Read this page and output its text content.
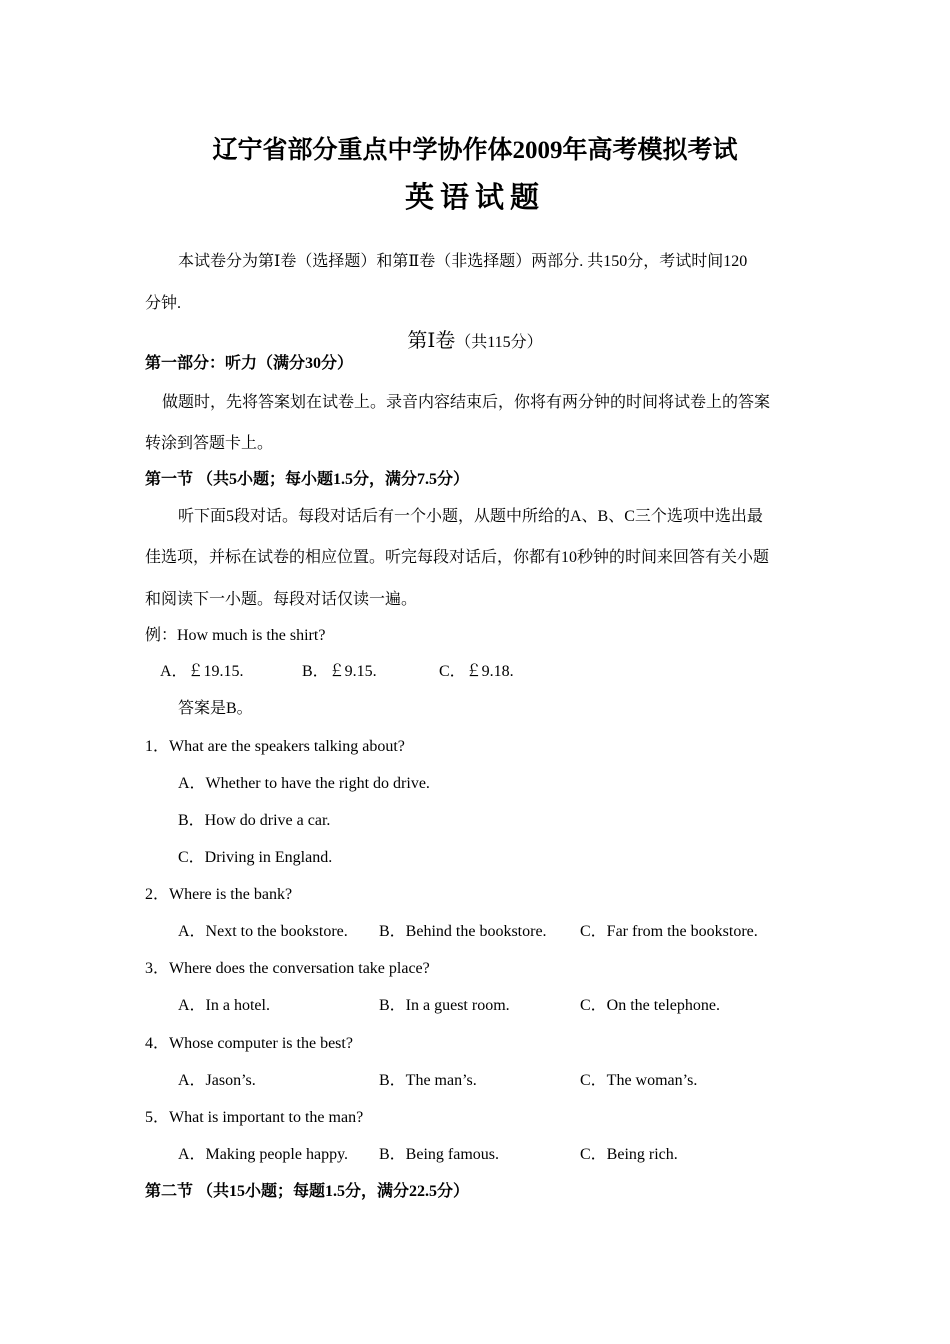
辽宁省部分重点中学协作体2009年高考模拟考试
英语试题
本试卷分为第Ⅰ卷（选择题）和第Ⅱ卷（非选择题）两部分. 共150分，考试时间120
分钟.
第Ⅰ卷（共115分）
第一部分：听力（满分30分）
做题时，先将答案划在试卷上。录音内容结束后，你将有两分钟的时间将试卷上的答案
转涂到答题卡上。
第一节 （共5小题；每小题1.5分，满分7.5分）
听下面5段对话。每段对话后有一个小题，从题中所给的A、B、C三个选项中选出最
佳选项，并标在试卷的相应位置。听完每段对话后，你都有10秒钟的时间来回答有关小题
和阅读下一小题。每段对话仅读一遍。
例：How much is the shirt?
A．￡19.15.	B．￡9.15.	C．￡9.18.
答案是B。
1．What are the speakers talking about?
A．Whether to have the right do drive.
B．How do drive a car.
C．Driving in England.
2．Where is the bank?
A．Next to the bookstore. B．Behind the bookstore. C．Far from the bookstore.
3．Where does the conversation take place?
A．In a hotel.	B．In a guest room.	C．On the telephone.
4．Whose computer is the best?
A．Jason’s.	B．The man’s.	C．The woman’s.
5．What is important to the man?
A．Making people happy. B．Being famous.	C．Being rich.
第二节 （共15小题；每题1.5分，满分22.5分）
